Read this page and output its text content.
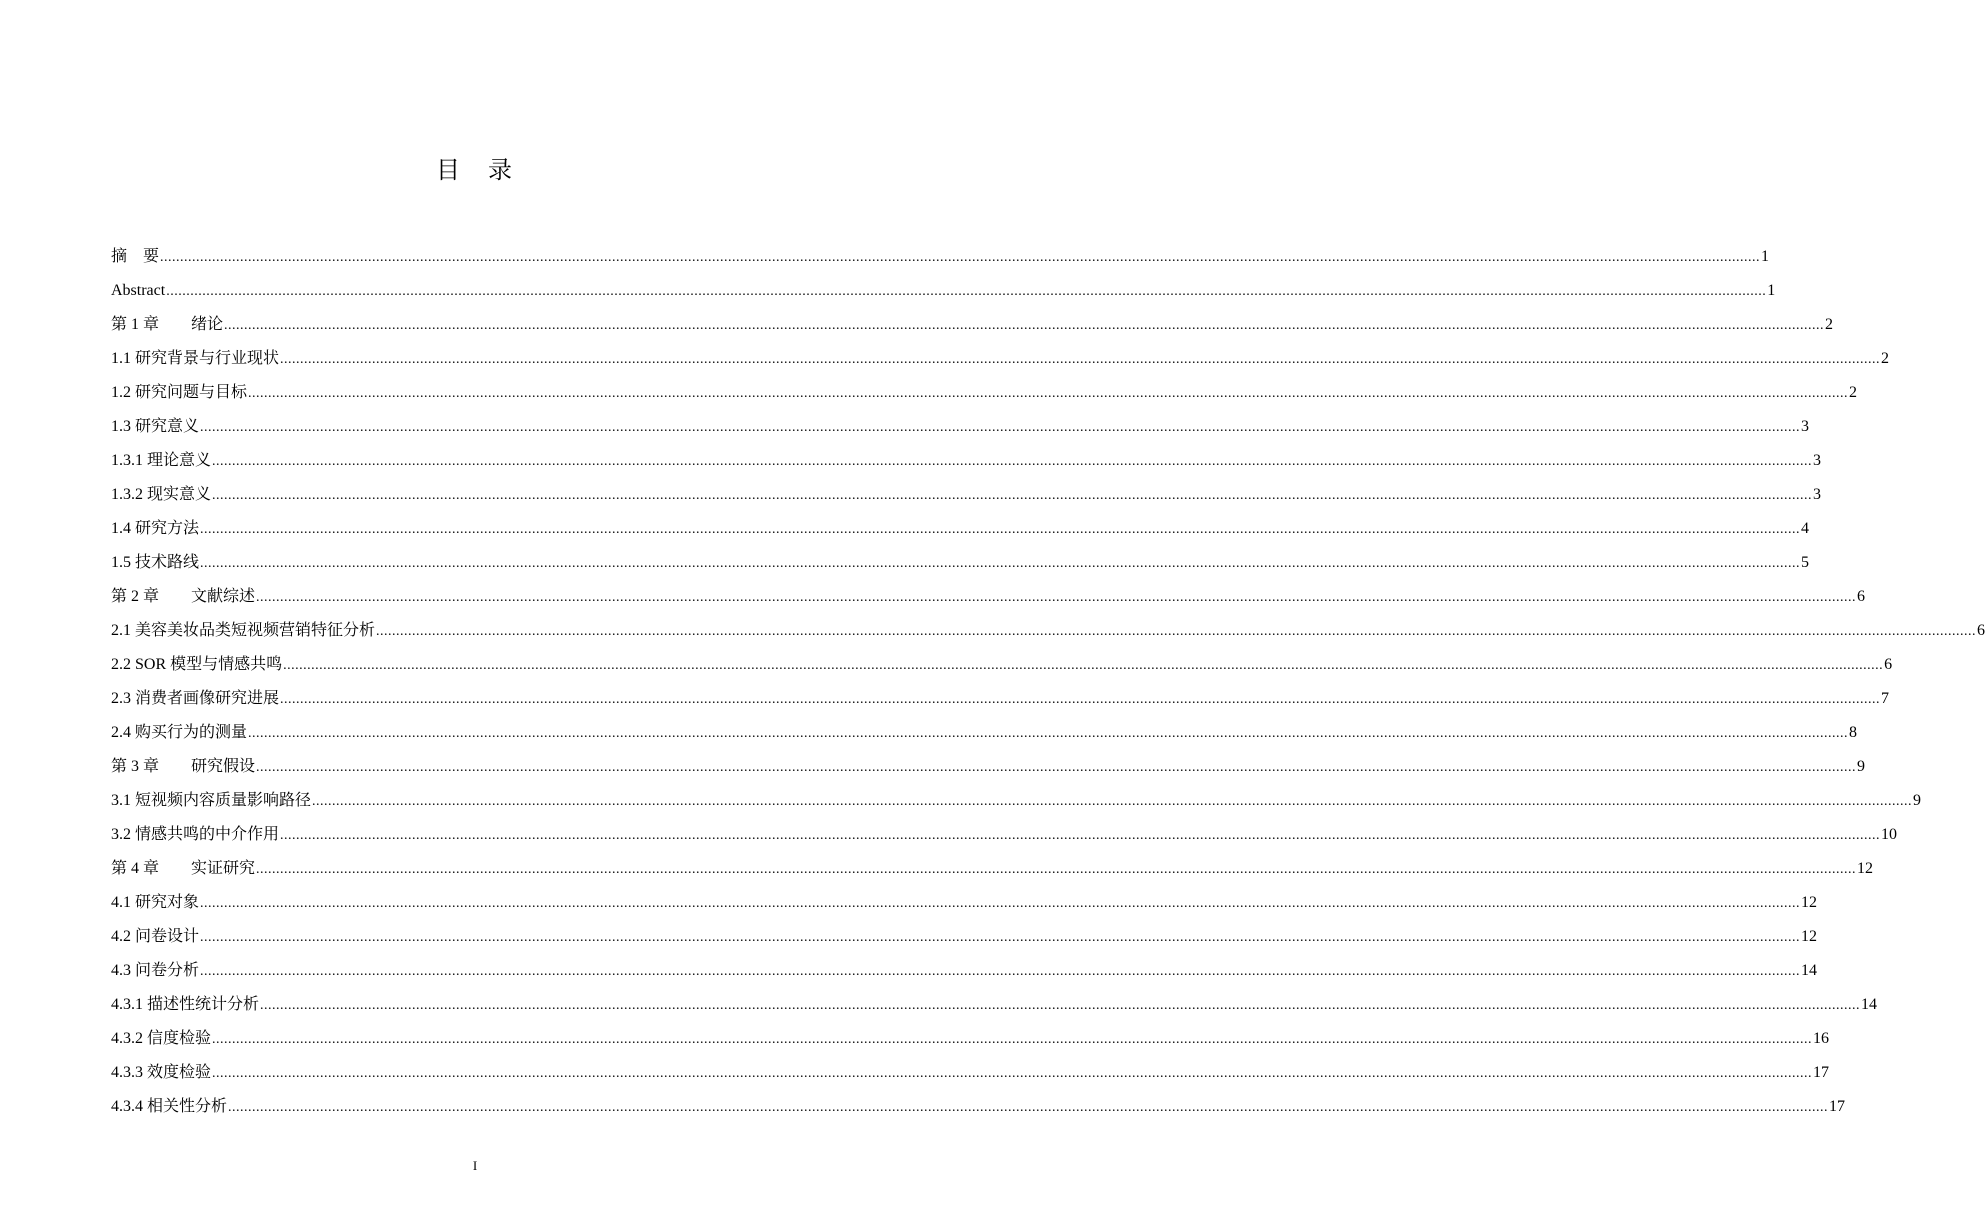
目　录
摘　要 ................................................................................................................................................................................................................................................................................................................................................................................................................ 1
Abstract ................................................................................................................................................................................................................................................................................................................................................................................................................ 1
第 1 章　　绪论 ................................................................................................................................................................................................................................................................................................................................................................................................................ 2
1.1 研究背景与行业现状 ................................................................................................................................................................................................................................................................................................................................................................................................................ 2
1.2 研究问题与目标 ................................................................................................................................................................................................................................................................................................................................................................................................................ 2
1.3 研究意义 ................................................................................................................................................................................................................................................................................................................................................................................................................ 3
1.3.1 理论意义 ................................................................................................................................................................................................................................................................................................................................................................................................................ 3
1.3.2 现实意义 ................................................................................................................................................................................................................................................................................................................................................................................................................ 3
1.4 研究方法 ................................................................................................................................................................................................................................................................................................................................................................................................................ 4
1.5 技术路线 ................................................................................................................................................................................................................................................................................................................................................................................................................ 5
第 2 章　　文献综述 ................................................................................................................................................................................................................................................................................................................................................................................................................ 6
2.1 美容美妆品类短视频营销特征分析 ................................................................................................................................................................................................................................................................................................................................................................................................................ 6
2.2 SOR 模型与情感共鸣 ................................................................................................................................................................................................................................................................................................................................................................................................................ 6
2.3 消费者画像研究进展 ................................................................................................................................................................................................................................................................................................................................................................................................................ 7
2.4 购买行为的测量 ................................................................................................................................................................................................................................................................................................................................................................................................................ 8
第 3 章　　研究假设 ................................................................................................................................................................................................................................................................................................................................................................................................................ 9
3.1 短视频内容质量影响路径 ................................................................................................................................................................................................................................................................................................................................................................................................................ 9
3.2 情感共鸣的中介作用 ................................................................................................................................................................................................................................................................................................................................................................................................................ 10
第 4 章　　实证研究 ................................................................................................................................................................................................................................................................................................................................................................................................................ 12
4.1 研究对象 ................................................................................................................................................................................................................................................................................................................................................................................................................ 12
4.2 问卷设计 ................................................................................................................................................................................................................................................................................................................................................................................................................ 12
4.3 问卷分析 ................................................................................................................................................................................................................................................................................................................................................................................................................ 14
4.3.1 描述性统计分析 ................................................................................................................................................................................................................................................................................................................................................................................................................ 14
4.3.2 信度检验 ................................................................................................................................................................................................................................................................................................................................................................................................................ 16
4.3.3 效度检验 ................................................................................................................................................................................................................................................................................................................................................................................................................ 17
4.3.4 相关性分析 ................................................................................................................................................................................................................................................................................................................................................................................................................ 17
I
